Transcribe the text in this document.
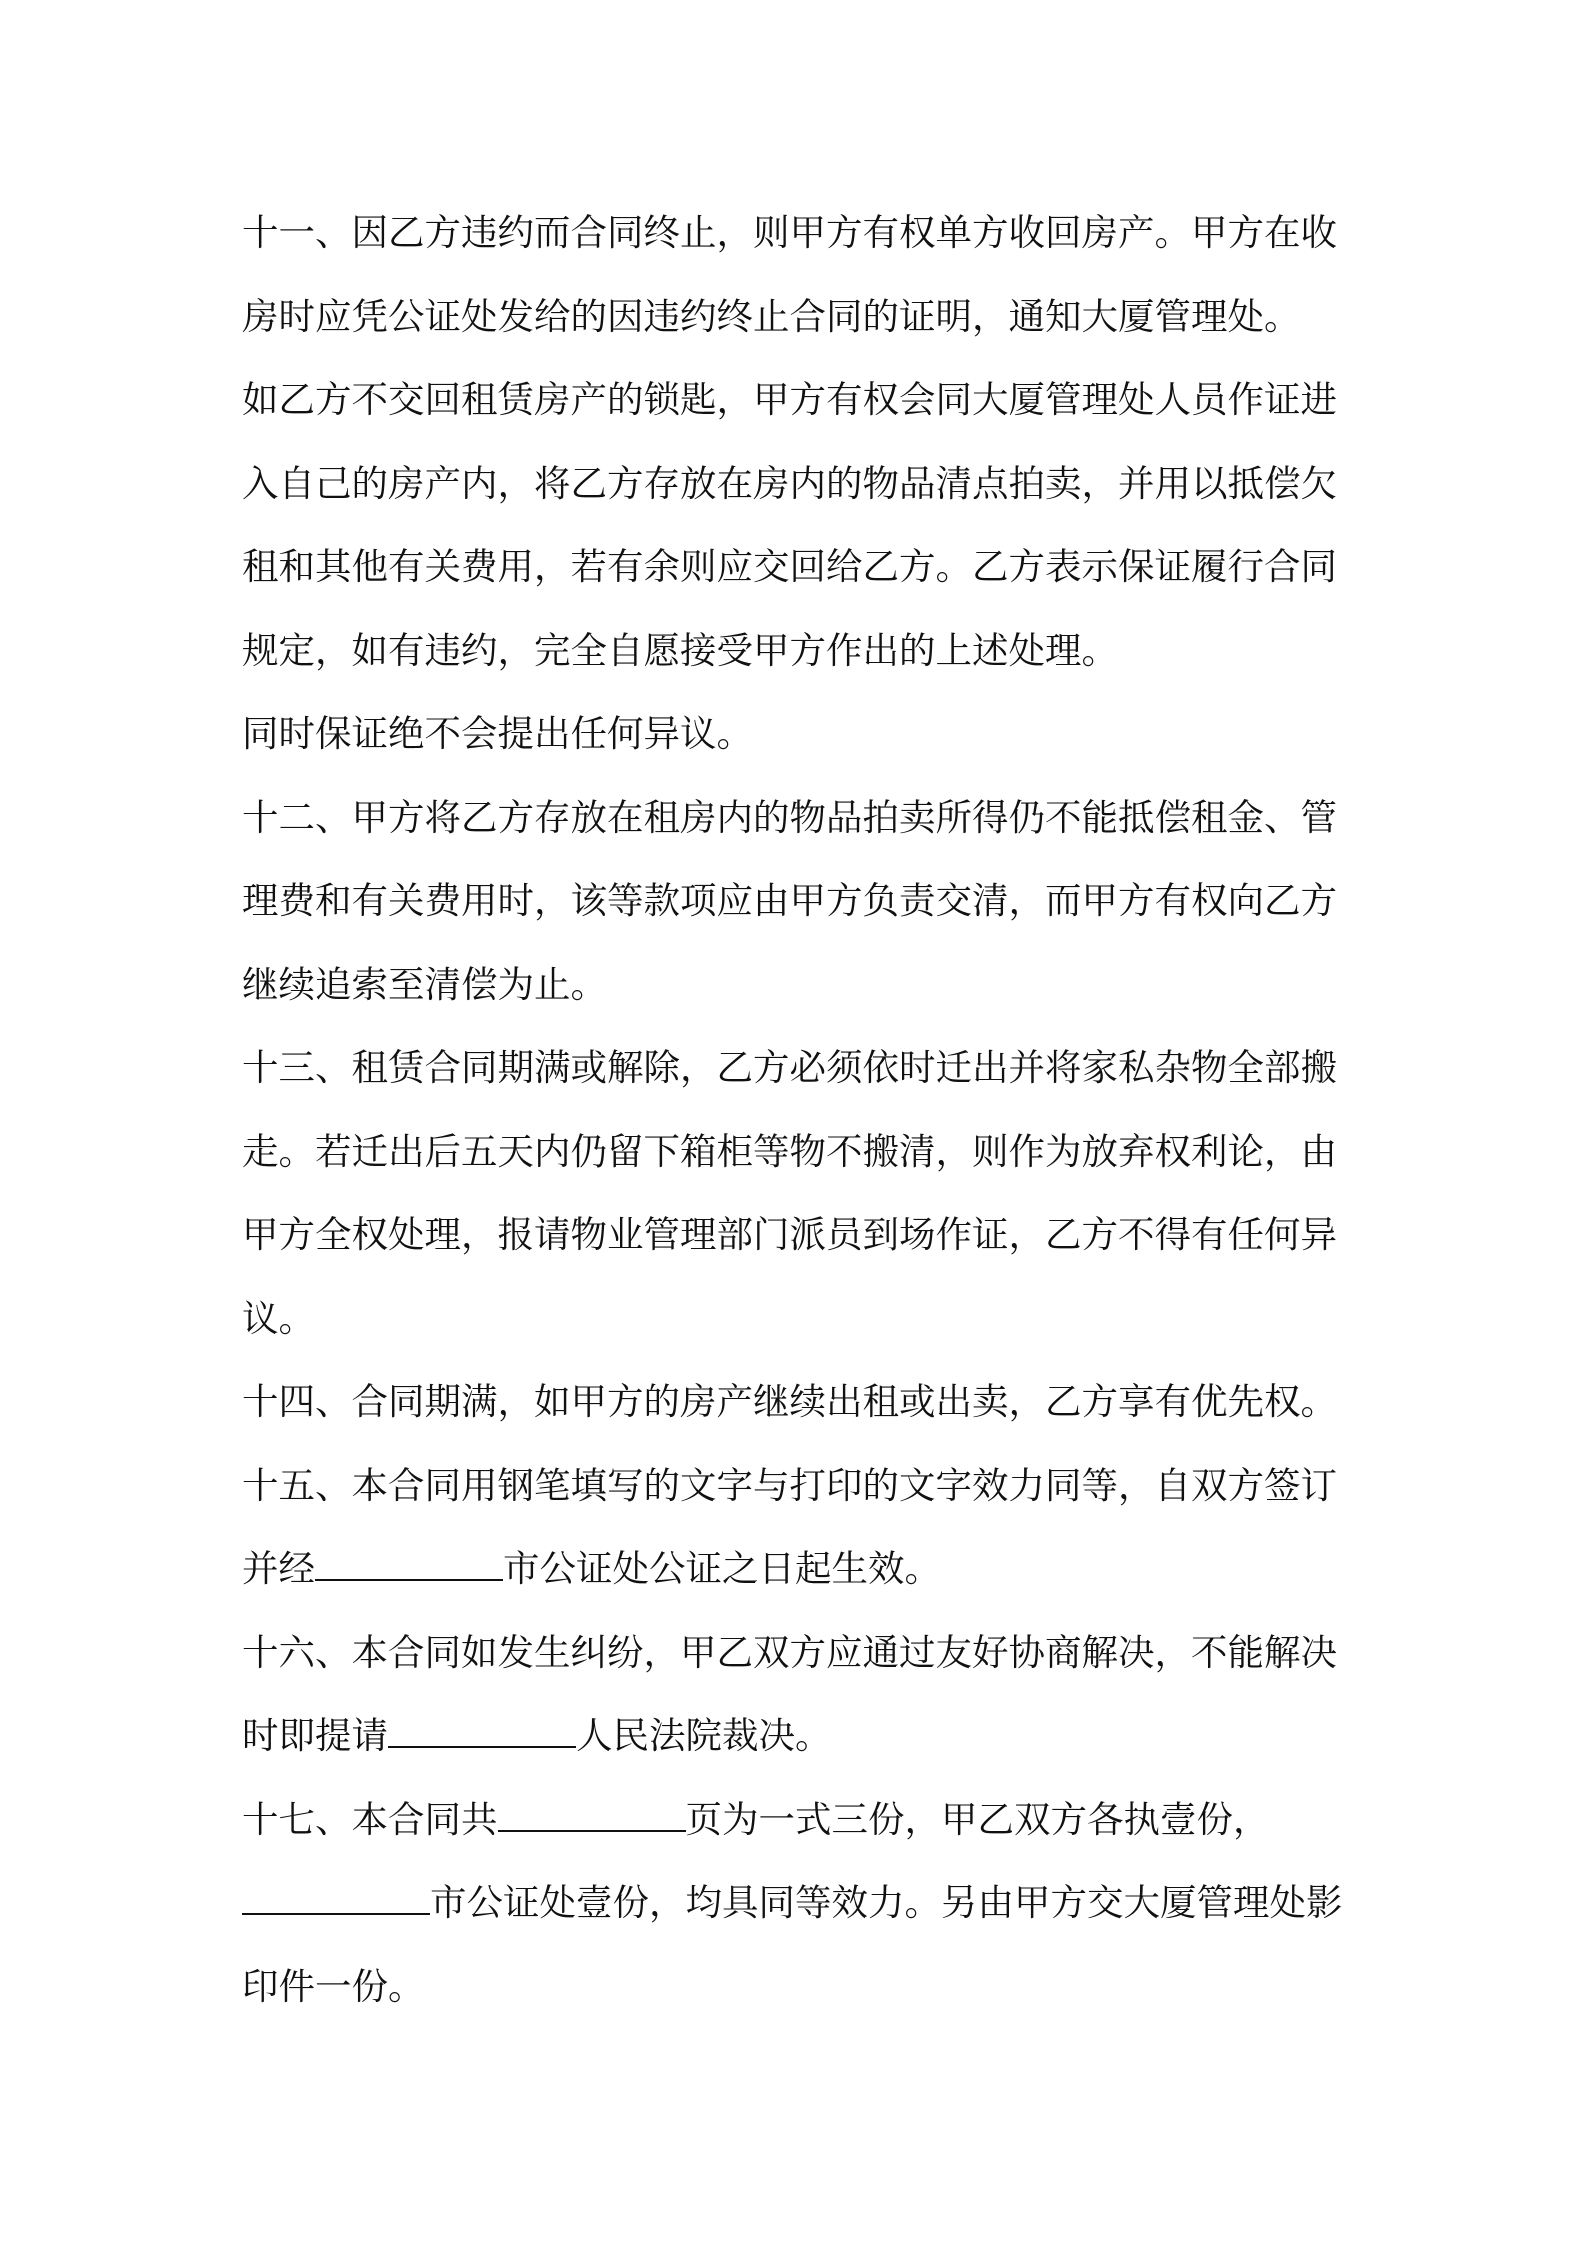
十一、因乙方违约而合同终止，则甲方有权单方收回房产。甲方在收

房时应凭公证处发给的因违约终止合同的证明，通知大厦管理处。

如乙方不交回租赁房产的锁匙，甲方有权会同大厦管理处人员作证进

入自己的房产内，将乙方存放在房内的物品清点拍卖，并用以抵偿欠

租和其他有关费用，若有余则应交回给乙方。乙方表示保证履行合同

规定，如有违约，完全自愿接受甲方作出的上述处理。

同时保证绝不会提出任何异议。

十二、甲方将乙方存放在租房内的物品拍卖所得仍不能抵偿租金、管

理费和有关费用时，该等款项应由甲方负责交清，而甲方有权向乙方

继续追索至清偿为止。

十三、租赁合同期满或解除，乙方必须依时迁出并将家私杂物全部搬

走。若迁出后五天内仍留下箱柜等物不搬清，则作为放弃权利论，由

甲方全权处理，报请物业管理部门派员到场作证，乙方不得有任何异

议。

十四、合同期满，如甲方的房产继续出租或出卖，乙方享有优先权。

十五、本合同用钢笔填写的文字与打印的文字效力同等，自双方签订

并经	市公证处公证之日起生效。

十六、本合同如发生纠纷，甲乙双方应通过友好协商解决，不能解决

时即提请	人民法院裁决。

十七、本合同共	页为一式三份，甲乙双方各执壹份，

市公证处壹份，均具同等效力。另由甲方交大厦管理处影

印件一份。
